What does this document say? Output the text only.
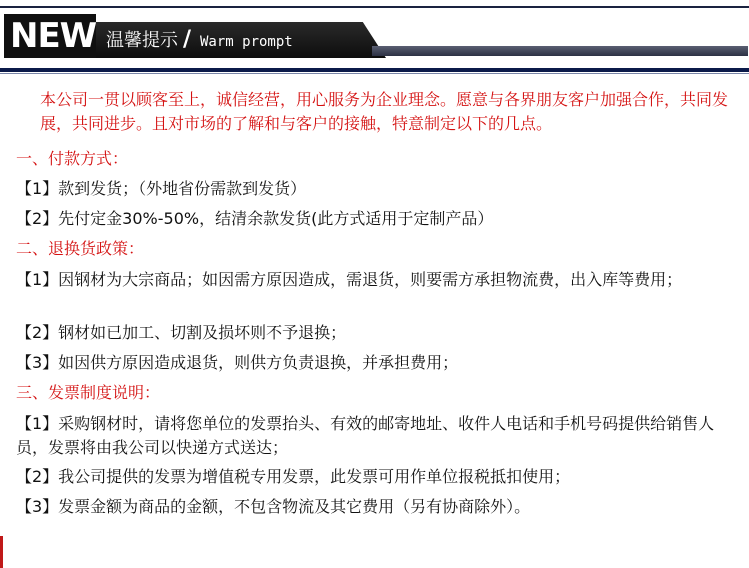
NEW 温馨提示 / Warm prompt
本公司一贯以顾客至上，诚信经营，用心服务为企业理念。愿意与各界朋友客户加强合作，共同发展，共同进步。且对市场的了解和与客户的接触，特意制定以下的几点。
一、付款方式：
【1】款到发货；（外地省份需款到发货）
【2】先付定金30%-50%，结清余款发货(此方式适用于定制产品）
二、退换货政策：
【1】因钢材为大宗商品；如因需方原因造成，需退货，则要需方承担物流费，出入库等费用；
【2】钢材如已加工、切割及损坏则不予退换；
【3】如因供方原因造成退货，则供方负责退换，并承担费用；
三、发票制度说明：
【1】采购钢材时，请将您单位的发票抬头、有效的邮寄地址、收件人电话和手机号码提供给销售人员，发票将由我公司以快递方式送达；
【2】我公司提供的发票为增值税专用发票，此发票可用作单位报税抵扣使用；
【3】发票金额为商品的金额，不包含物流及其它费用（另有协商除外）。
